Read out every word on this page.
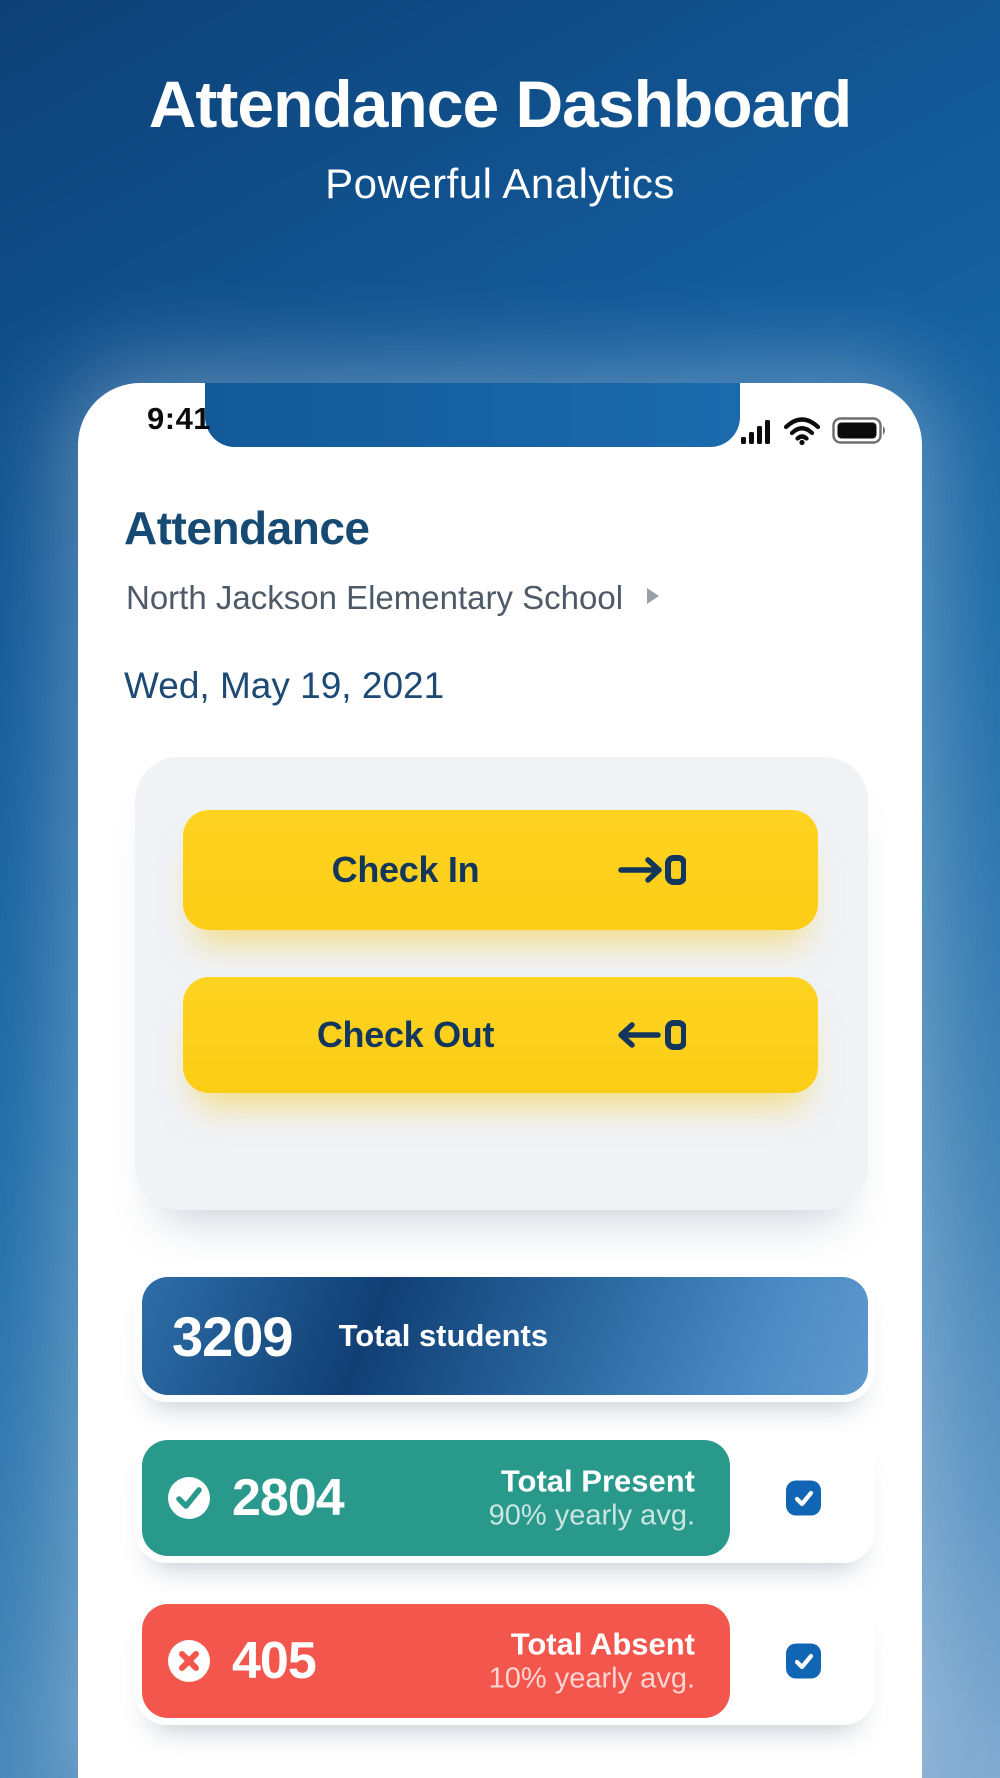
Attendance Dashboard
Powerful Analytics
9:41
Attendance
North Jackson Elementary School
Wed, May 19, 2021
Check In
Check Out
3209 Total students
2804	Total Present
90% yearly avg.
405	Total Absent
10% yearly avg.
